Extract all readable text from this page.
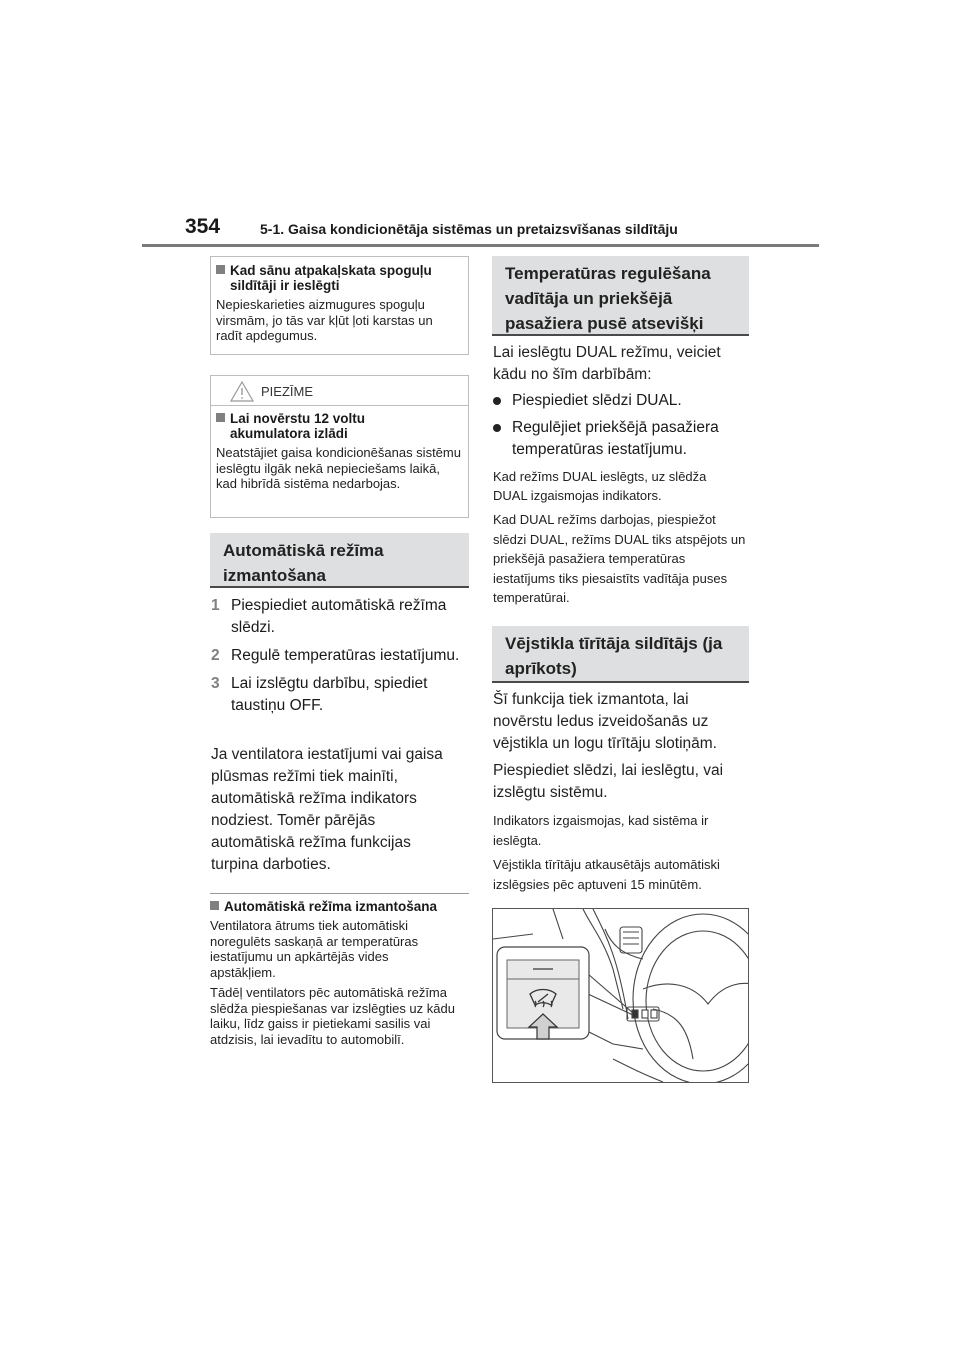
354	5-1. Gaisa kondicionētāja sistēmas un pretaizsvīšanas sildītāju
Kad sānu atpakaļskata spoguļu sildītāji ir ieslēgti
Nepieskarieties aizmugures spoguļu virsmām, jo tās var kļūt ļoti karstas un radīt apdegumus.
PIEZĪME
Lai novērstu 12 voltu akumulatora izlādi
Neatstājiet gaisa kondicionēšanas sistēmu ieslēgtu ilgāk nekā nepieciešams laikā, kad hibrīdā sistēma nedarbojas.
Automātiskā režīma izmantošana
1 Piespiediet automātiskā režīma slēdzi.
2 Regulē temperatūras iestatījumu.
3 Lai izslēgtu darbību, spiediet taustiņu OFF.
Ja ventilatora iestatījumi vai gaisa plūsmas režīmi tiek mainīti, automātiskā režīma indikators nodziest. Tomēr pārējās automātiskā režīma funkcijas turpina darboties.
Automātiskā režīma izmantošana
Ventilatora ātrums tiek automātiski noregulēts saskaņā ar temperatūras iestatījumu un apkārtējās vides apstākļiem.
Tādēļ ventilators pēc automātiskā režīma slēdža piespiešanas var izslēgties uz kādu laiku, līdz gaiss ir pietiekami sasilis vai atdzisis, lai ievadītu to automobilī.
Temperatūras regulēšana vadītāja un priekšējā pasažiera pusē atsevišķi
Lai ieslēgtu DUAL režīmu, veiciet kādu no šīm darbībām:
Piespiediet slēdzi DUAL.
Regulējiet priekšējā pasažiera temperatūras iestatījumu.
Kad režīms DUAL ieslēgts, uz slēdža DUAL izgaismojas indikators.
Kad DUAL režīms darbojas, piespiežot slēdzi DUAL, režīms DUAL tiks atspējots un priekšējā pasažiera temperatūras iestatījums tiks piesaistīts vadītāja puses temperatūrai.
Vējstikla tīrītāja sildītājs (ja aprīkots)
Šī funkcija tiek izmantota, lai novērstu ledus izveidošanās uz vējstikla un logu tīrītāju slotiņām.
Piespiediet slēdzi, lai ieslēgtu, vai izslēgtu sistēmu.
Indikators izgaismojas, kad sistēma ir ieslēgta.
Vējstikla tīrītāju atkausētājs automātiski izslēgsies pēc aptuveni 15 minūtēm.
